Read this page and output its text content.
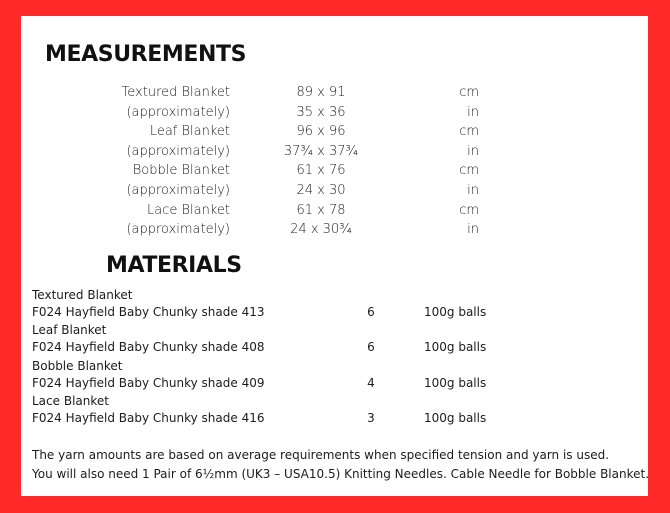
MEASUREMENTS
Textured Blanket	89 x 91	cm
(approximately)	35 x 36	in
Leaf Blanket	96 x 96	cm
(approximately)	37¾ x 37¾	in
Bobble Blanket	61 x 76	cm
(approximately)	24 x 30	in
Lace Blanket	61 x 78	cm
(approximately)	24 x 30¾	in
MATERIALS
Textured Blanket
F024 Hayfield Baby Chunky shade 413	6	100g balls
Leaf Blanket
F024 Hayfield Baby Chunky shade 408	6	100g balls
Bobble Blanket
F024 Hayfield Baby Chunky shade 409	4	100g balls
Lace Blanket
F024 Hayfield Baby Chunky shade 416	3	100g balls
The yarn amounts are based on average requirements when specified tension and yarn is used.
You will also need 1 Pair of 6½mm (UK3 – USA10.5) Knitting Needles. Cable Needle for Bobble Blanket.
